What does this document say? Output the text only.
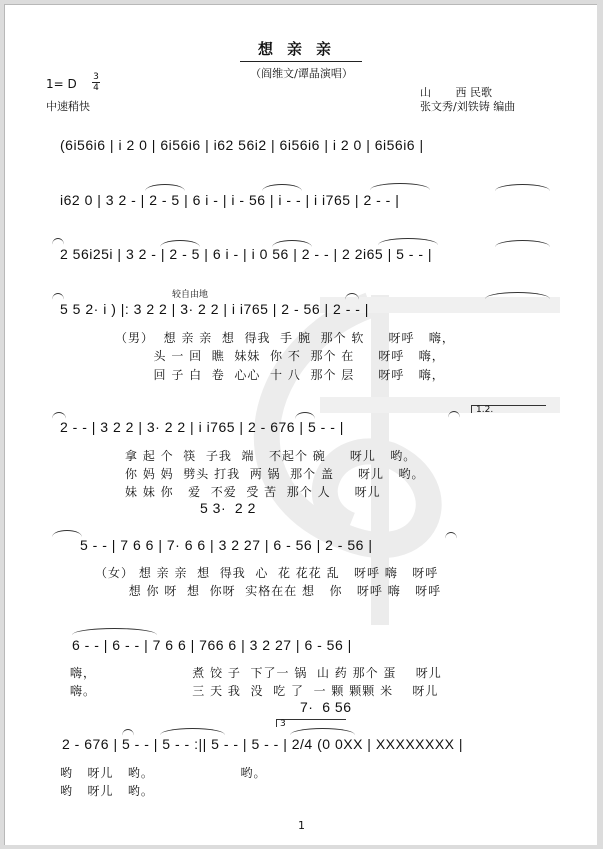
想亲亲
（阎维文/谭晶演唱）
1= D 3
4
中速稍快
山       西 民歌
张文秀/刘铁铸 编曲
(6i56i6 | i 2 0 | 6i56i6 | i62 56i2 | 6i56i6 | i 2 0 | 6i56i6 |
i62 0 | 3 2 - | 2 - 5 | 6 i - | i - 56 | i - - | i i765 | 2 - - |
2 56i25i | 3 2 - | 2 - 5 | 6 i - | i 0 56 | 2 - - | 2 2i65 | 5 - - |
较自由地
5 5 2· i ) |: 3 2 2 | 3· 2 2 | i i765 | 2 - 56 | 2 - - |
（男）  想 亲 亲  想  得我  手 腕  那个 软     呀呼   嗨，
头 一 回  瞧  妹妹  你 不  那个 在     呀呼   嗨，
回 子 白  卷  心心  十 八  那个 层     呀呼   嗨，
1.2.
2 - - | 3 2 2 | 3· 2 2 | i i765 | 2 - 676 | 5 - - |
拿 起 个  筷  子我  端   不起个 碗     呀儿   哟。
你 妈 妈  劈头 打我  两 锅  那个 盖     呀儿   哟。
妹 妹 你   爱  不爱  受 苦  那个 人     呀儿
5 3·  2 2
5 - - | 7 6 6 | 7· 6 6 | 3 2 27 | 6 - 56 | 2 - 56 |
（女） 想 亲 亲  想  得我  心  花 花花 乱   呀呼 嗨   呀呼
想 你 呀  想  你呀  实格在在 想   你   呀呼 嗨   呀呼
6 - - | 6 - - | 7 6 6 | 766 6 | 3 2 27 | 6 - 56 |
嗨，                    煮 饺 子  下了一 锅  山 药 那个 蛋    呀儿
嗨。                    三 天 我  没  吃 了  一 颗 颗颗 米    呀儿
7·  6 56
3
2 - 676 | 5 - - | 5 - - :|| 5 - - | 5 - - | 2/4 (0 0XX | XXXXXXXX |
哟   呀儿   哟。                  哟。
哟   呀儿   哟。
1
